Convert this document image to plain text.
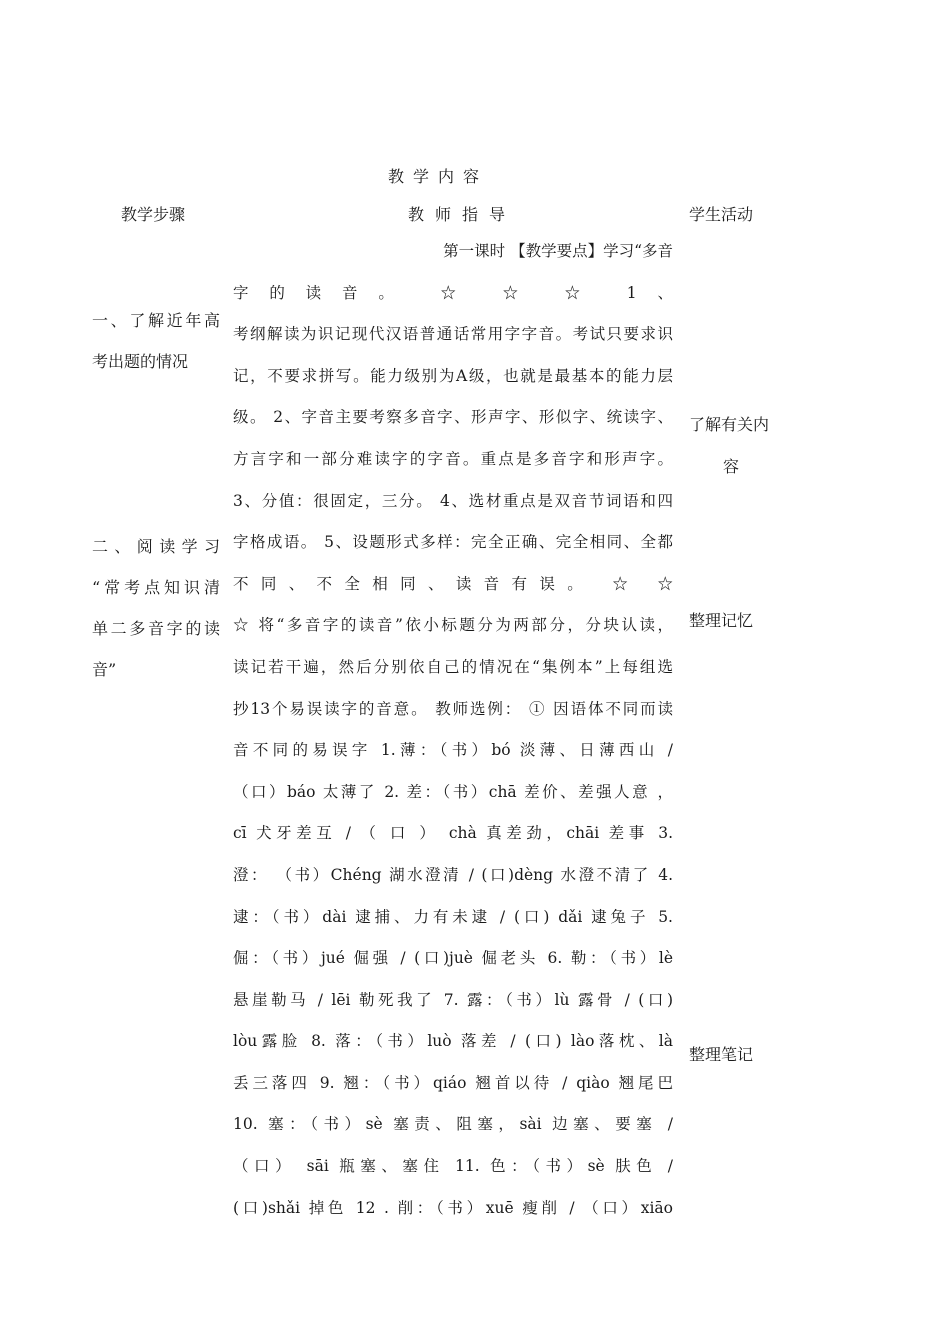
教学内容
教学步骤	教师指导	学生活动
一、了解近年高
考出题的情况
二、阅读学习
“常考点知识清
单二多音字的读
音”
第一课时 【教学要点】学习“多音
字的读音。 ☆ ☆ ☆ 1、
考纲解读为识记现代汉语普通话常用字字音。考试只要求识
记，不要求拼写。能力级别为A级，也就是最基本的能力层
级。 2、字音主要考察多音字、形声字、形似字、统读字、
方言字和一部分难读字的字音。重点是多音字和形声字。
3、分值：很固定，三分。 4、选材重点是双音节词语和四
字格成语。 5、设题形式多样：完全正确、完全相同、全都
不同、不全相同、读音有误。 ☆ ☆
☆ 将“多音字的读音”依小标题分为两部分，分块认读，
读记若干遍，然后分别依自己的情况在“集例本”上每组选
抄13个易误读字的音意。 教师选例： ① 因语体不同而读
音不同的易误字 1.薄：（书）bó 淡薄、日薄西山 /
（口）báo 太薄了 2. 差：（书）chā 差价、差强人意 ，
cī 犬牙差互 / （ 口 ） chà 真差劲，chāi 差事 3.
澄： （书）Chéng 湖水澄清 / (口)dèng 水澄不清了 4.
逮：（书）dài 逮捕、力有未逮 / (口) dǎi 逮兔子 5.
倔：（书）jué 倔强 / (口)juè 倔老头 6. 勒：（书）lè
悬崖勒马 / lēi 勒死我了 7. 露：（书）lù 露骨 / (口)
lòu露脸 8. 落：（书）luò 落差 / (口) lào落枕、là
丢三落四 9. 翘：（书）qiáo 翘首以待 / qiào 翘尾巴
10. 塞：（书）sè 塞责、阻塞，sài 边塞、要塞 /
（口） sāi 瓶塞、塞住 11. 色：（书）sè 肤色 /
(口)shǎi 掉色 12 . 削：（书）xuē 瘦削 / （口）xiāo
了解有关内
容
整理记忆
整理笔记
